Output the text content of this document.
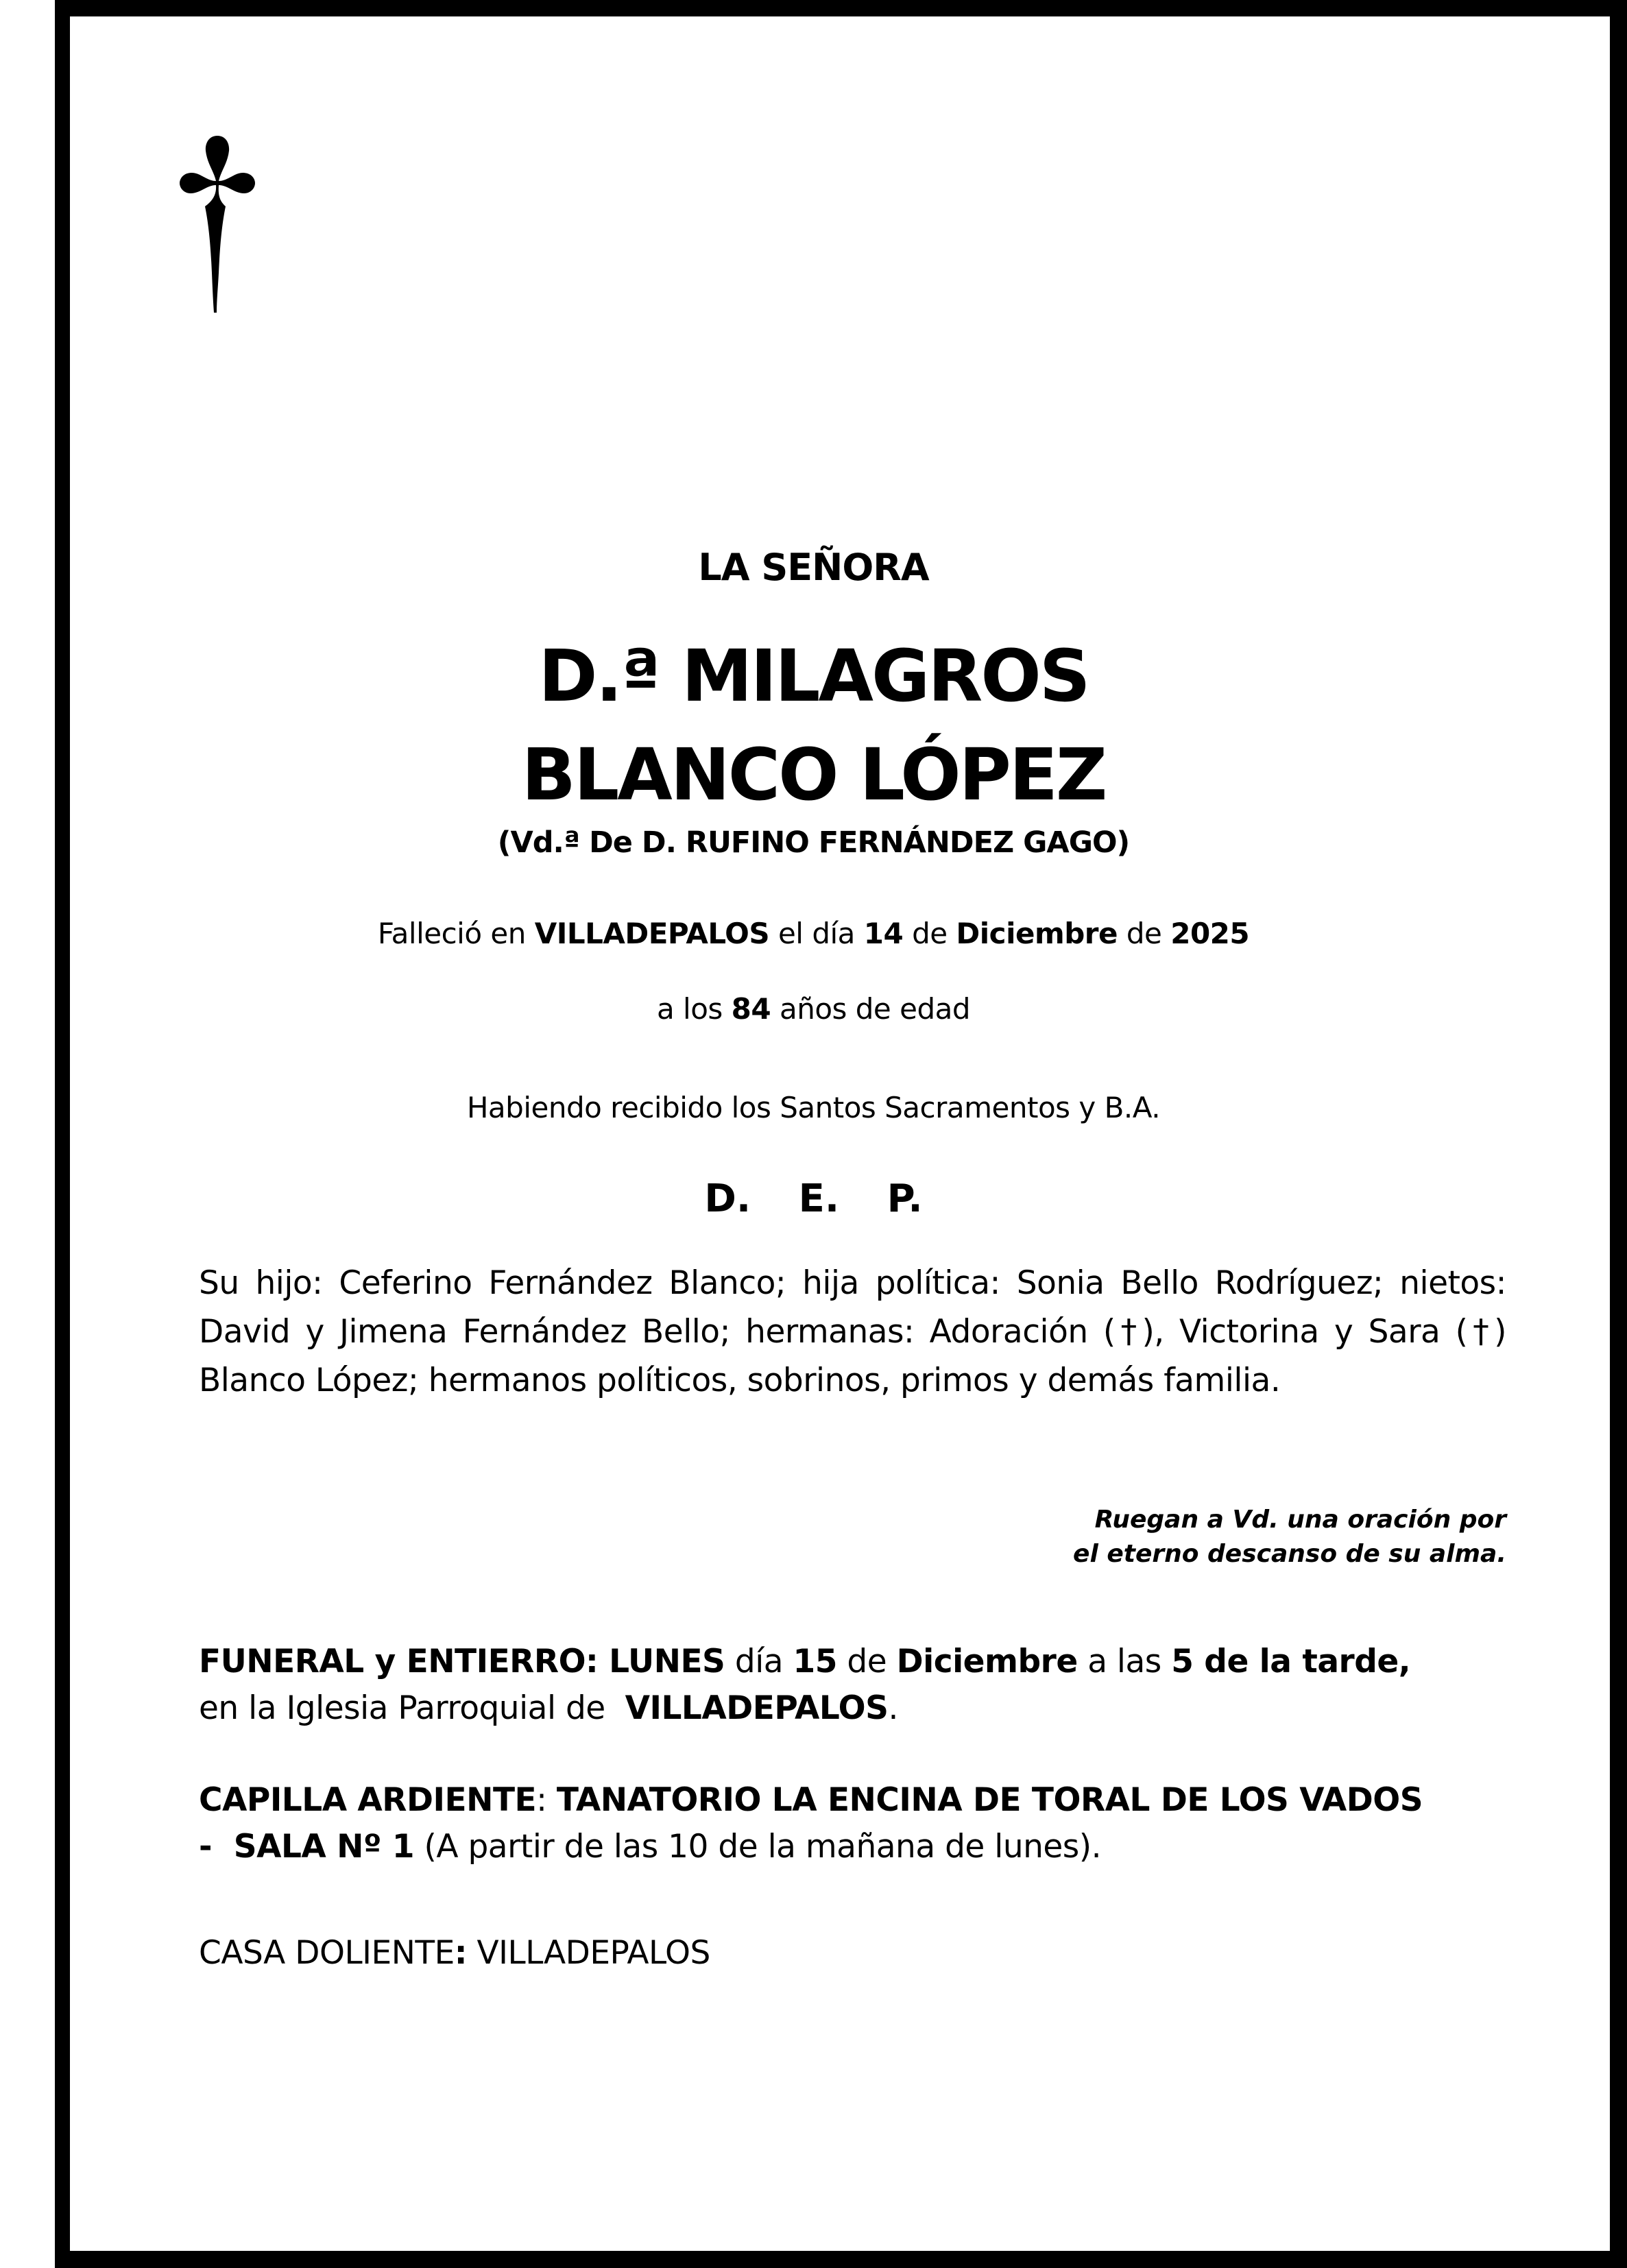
LA SEÑORA
D.ª MILAGROS
BLANCO LÓPEZ
(Vd.ª De D. RUFINO FERNÁNDEZ GAGO)
Falleció en VILLADEPALOS el día 14 de Diciembre de 2025
a los 84 años de edad
Habiendo recibido los Santos Sacramentos y B.A.
D. E. P.
Su hijo: Ceferino Fernández Blanco; hija política: Sonia Bello Rodríguez; nietos: David y Jimena Fernández Bello; hermanas: Adoración (†), Victorina y Sara (†) Blanco López; hermanos políticos, sobrinos, primos y demás familia.
Ruegan a Vd. una oración por
el eterno descanso de su alma.
FUNERAL y ENTIERRO: LUNES día 15 de Diciembre a las 5 de la tarde,
en la Iglesia Parroquial de VILLADEPALOS.
CAPILLA ARDIENTE: TANATORIO LA ENCINA DE TORAL DE LOS VADOS
-  SALA Nº 1 (A partir de las 10 de la mañana de lunes).
CASA DOLIENTE: VILLADEPALOS
